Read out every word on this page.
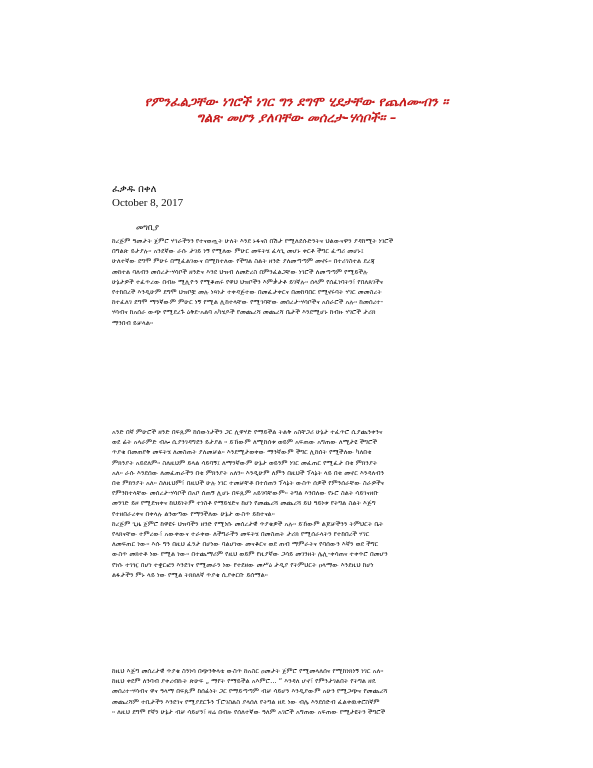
የምንፈልጋቸው ነገሮች ነገር ግን ደግሞ ሂደታቸው የጨለሙብን ።
ግልጽ መሆን ያለባቸው መሰረታ-ሃሳቦች። –

ፈቃዱ በቀለ

October 8, 2017

መግቢያ

ከረጅም ዓመታት ጀምሮ ሃገራችንን የተናወጧት ሁለት እንደ ኑፋናስ በሽታ የሚለደሱድንትና ህልውናዋን ያዳከሚት ነገሮች
በግልጽ ይታያሉ። አንደኛው ራሱ ታገይ ነኝ የሚለው ምሁር መፍትሄ ፈላጊ መሆኑ ቀርቶ ችግር ፈጣሪ መሆኑ፤
ሁለተኛው ደግሞ ምሁሩ በሚፈልገውና በሚከተለው የችግል ስልት ዘንድ ያለመጣጣም መኖሩ። በተሪገስተል ደረጃ
መከተል ባለብን መሰረታ-ሃሳቦች ዘንድና እንደ ህዝብ ለመድረስ በምንፈልጋቸው ነገሮች ለመጣጣም የሚይችሉ
ሁኔታዎች ተፈጥረው በብዙ ሚሊዮን የሚቆጠሩ የዋህ ህዝቦችን እምቃታቶ ይገኛሉ። ሰላም የሰፈነባትን፣ የበለጸገችና
የተከበረች እንዲሁም ደግሞ ህዝቦቿ መሉ ነጻነታ ተቀዳጅተው በመፈታቀርና በመከባበር የሚኖሩባት ሃገር መመስረት
ከተፈለገ ደግሞ ማንኛውም ምሁር ነኝ የሚል ሊከተላቸው የሚገባቸው መሰረታ-ሃሳቦችና አሰራሮች አሉ። ከመሰረተ-
ሃሳብና ከአሰራ ውጭ የሚደረጉ ዕቅደ-አልባ አካሄዶች የመጨረሻ መጨረሻ ቤታች እንደሚሆኑ ከብዙ ሃገሮች ታሪክ
ማንበብ ይቻላል።
አንድ በኛ ምሁሮች ዘንድ በፍጹም ከሰውነታችን ጋር ሊዋሃድ የማይችል ትልቅ አስቸጋሪ ሁኔታ ተፈጥሮ ሲያጨንቀንና
ወደ ፊት አላራምድ ብሎ ሲያንገዳግደን ይታያል ። ይኸውም ለሚከሰቱ ወይም አፍጠው አግጠው ለሚታዩ ችግሮች
ጥያቄ በመጠየቅ መፍትሄ ለመስጠት ያለመቻል። እንደሚታወቀው ማንኛውም ችግር ሊከሰት የሚችለው ካለበቂ
ምክንያት አይደለም። ስለዚህም ይላል ሳይባኝ፤ ለማንኛውም ሁኔታ ወይንም ነገር መፈጠር የሚፈታ በቂ ምክንያት
አለ። ራሱ እንደሰው ለመፈጠራችን በቂ ምክንያት አለን። እንዲሁም ለምን በዚህች ፕላኔት ላይ በቂ መኖር እንዳለብን
በቂ ምክንያት አለ። ስለዚህም፣ በዚህች ሁሉ ነገር ተመቻቸቶ በተሰጠን ፕላኔት ውስጥ ሰዎች የምንሰራቸው ስራዎችና
የምንከተላቸው መሰረታ-ሃሳቦች በአቦ ሰጠኝ ሊሆኑ በፍጹም አይገባቸውም። ትግል እንበለው የኑሮ ስልት ሳይገናዘቡ
መንገድ ይዞ የሚደዝቀና ከህይነትም ተነስቶ የማይሄድና ከሆነ የመጨረሻ መጨረሻ ይህ ዓይነቱ የትግል ስልት እጅግ
የተዘበራረቀና በቀላሉ ልንወጣው የማንችለው ሁኔታ ውስጥ ይከተናል።
ከረጅም ጊዜ ጀምሮ ከዋዩሩ ህዝባችን ዘንድ የሚነሱ መሰረታዊ ጥያቄዎች አሉ። ይኸውም ልጆቻችንን ትምህርት ቤት
የላክናቸው ተምረው፣ አውቀውና ተራቀው ለችግራችን መፍትሄ በመስጠት ታሪክ የሚሰራላትን የተከበረች ሃገር
ለመፍጠር ነው። እሱ ግን በዚህ ፈንታ በሆነው ባልሆነው መናቆርና ወደ ጠብ ማምራትና የባሰውን እኛን ወደ ችግር
ውስጥ መክተቶ ነው የሚል ነው። በተጨማሪም የዚህ ወይም የዚያኛው ጋሳይ መገንዘት ሌሊ-ቀሳጠና ተቀጥሮ በመሆን
የነሱ ተገዢ በሆነ ተቋርፎን እንደገና የሚመራን ነው የተደዘው መሥዕ ታዲያ የትምህርት ዐላማው እንደዚህ ከሆነ
ልፋታችን ምኑ ላይ ነው የሚል ትክክለኛ ጥያቄ ሲያቀርቡ ይሰማል።
ከዚህ እጅግ መሰረታዊ ጥያቄ ስንነሳ በጭንቅላቴ ውስጥ ከአስር ዐመታት ጀምሮ የሚመላለሰና የሚከነክነኝ ነገር አለ።
ከዚህ ቀደም ለንባብ ያቀረብኩት ጽሁፍ „ ማየት የማይችል አእምሮ… “ እንዳለ ሆኖ፣ የምንታገልበት የትግል ዘዴ
መሰረተ-ሃሳብና ዋና ዓላማ በፍጹም ከሰፊነት ጋር የማይጣጣም ብቻ ሳይሆን እንዲያውም አሁን የሚጋጭና የመጨረሻ
መጨረሻም ተቢታችን እንደገና የሚያደርጉን ፕሮገስልስ ያላሰለ የትግል ዘዴ ነው ብሌ እንደሰድብ ፈልቀዉቀሮስኛም
። ለዚህ ደግሞ የኛን ሁኔታ ብቻ ሳይሆን፣ ዛሬ በብዙ የሰለተኛው ዓለም አገሮች አግጠው አፍጠው የሚታዩትን ችግሮች
